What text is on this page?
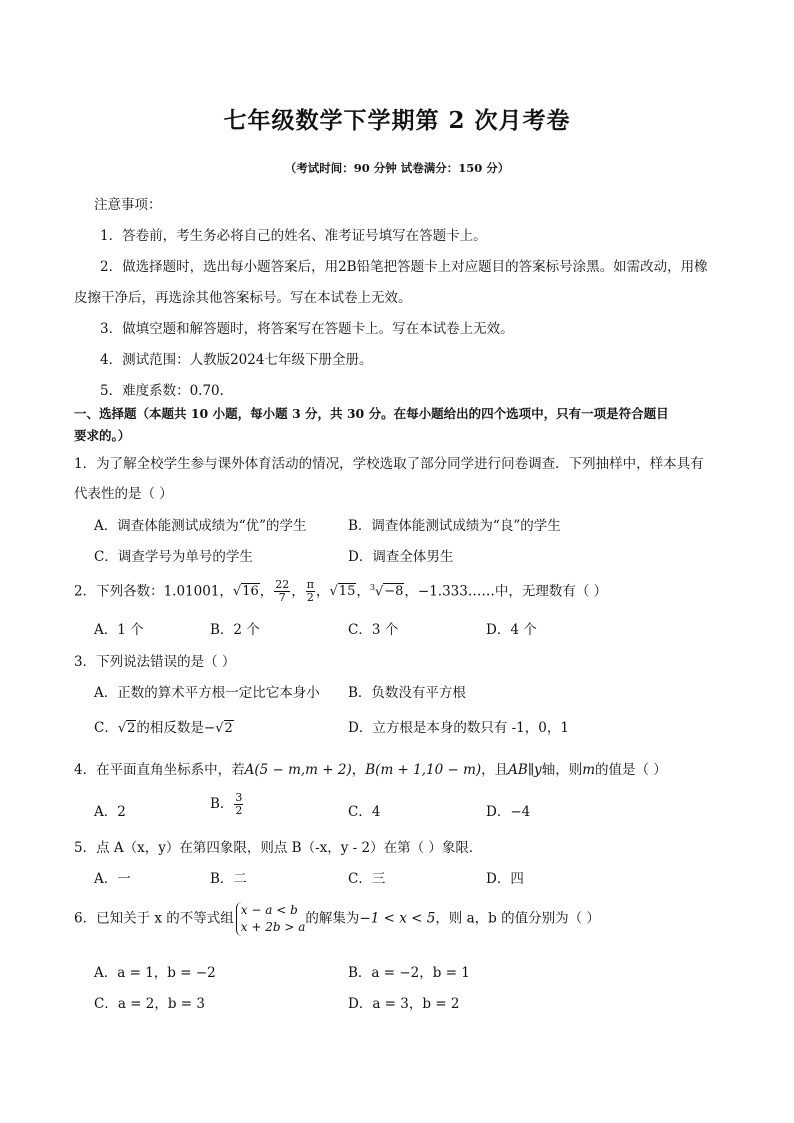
七年级数学下学期第 2 次月考卷
（考试时间：90 分钟 试卷满分：150 分）
注意事项：
1．答卷前，考生务必将自己的姓名、准考证号填写在答题卡上。
2．做选择题时，选出每小题答案后，用2B铅笔把答题卡上对应题目的答案标号涂黑。如需改动，用橡
皮擦干净后，再选涂其他答案标号。写在本试卷上无效。
3．做填空题和解答题时，将答案写在答题卡上。写在本试卷上无效。
4．测试范围：人教版2024七年级下册全册。
5．难度系数：0.70.
一、选择题（本题共 10 小题，每小题 3 分，共 30 分。在每小题给出的四个选项中，只有一项是符合题目
要求的。）
1．为了解全校学生参与课外体育活动的情况，学校选取了部分同学进行问卷调查．下列抽样中，样本具有
代表性的是（ ）
A．调查体能测试成绩为“优”的学生	B．调查体能测试成绩为“良”的学生
C．调查学号为单号的学生	D．调查全体男生
2．下列各数：1.01001，√16， $\frac{22}{7}$ ， $\frac{\pi}{2}$ ，√15，$^3$√−8，−1.333……中，无理数有（ ）
A．1 个	B．2 个	C．3 个	D．4 个
3．下列说法错误的是（ ）
A．正数的算术平方根一定比它本身小 B．负数没有平方根
C．√2的相反数是−√2	D．立方根是本身的数只有 -1，0，1
4．在平面直角坐标系中，若A(5 − m,m + 2)，B(m + 1,10 − m)，且AB∥y轴，则m的值是（ ）
A．2	B． $\frac{3}{2}$	C．4	D．−4
5．点 A（x，y）在第四象限，则点 B（-x，y - 2）在第（ ）象限．
A．一	B．二	C．三	D．四
6．已知关于 x 的不等式组
x − a < b
x + 2b > a
的解集为−1 < x < 5，则 a，b 的值分别为（ ）
A．a = 1，b = −2	B．a = −2，b = 1
C．a = 2，b = 3	D．a = 3，b = 2
